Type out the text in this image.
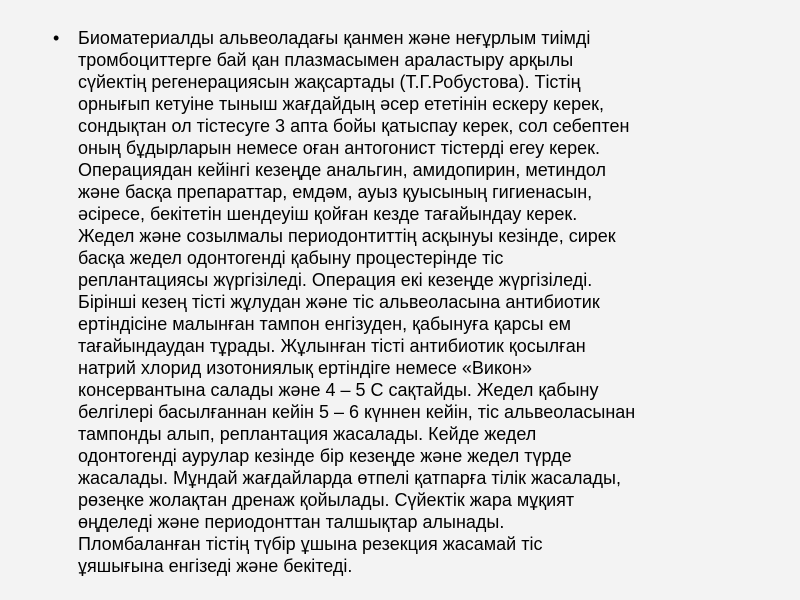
•	Биоматериалды альвеоладағы қанмен және неғұрлым тиімді
тромбоциттерге бай қан плазмасымен араластыру арқылы
сүйектің регенерациясын жақсартады (Т.Г.Робустова). Тістің
орнығып кетуіне тыныш жағдайдың әсер ететінін ескеру керек,
сондықтан ол тістесуге 3 апта бойы қатыспау керек, сол себептен
оның бұдырларын немесе оған антогонист тістерді егеу керек.
Операциядан кейінгі кезеңде анальгин, амидопирин, метиндол
және басқа препараттар, емдәм, ауыз қуысының гигиенасын,
әсіресе, бекітетін шендеуіш қойған кезде тағайындау керек.
Жедел және созылмалы периодонтиттің асқынуы кезінде, сирек
басқа жедел одонтогенді қабыну процестерінде тіс
реплантациясы жүргізіледі. Операция екі кезеңде жүргізіледі.
Бірінші кезең тісті жұлудан және тіс альвеоласына антибиотик
ертіндісіне малынған тампон енгізуден, қабынуға қарсы ем
тағайындаудан тұрады. Жұлынған тісті антибиотик қосылған
натрий хлорид изотониялық ертіндіге немесе «Викон»
консервантына салады және 4 – 5 С сақтайды. Жедел қабыну
белгілері басылғаннан кейін 5 – 6 күннен кейін, тіс альвеоласынан
тампонды алып, реплантация жасалады. Кейде жедел
одонтогенді аурулар кезінде бір кезеңде және жедел түрде
жасалады. Мұндай жағдайларда өтпелі қатпарға тілік жасалады,
рөзеңке жолақтан дренаж қойылады. Сүйектік жара мұқият
өңделеді және периодонттан талшықтар алынады.
Пломбаланған тістің түбір ұшына резекция жасамай тіс
ұяшығына енгізеді және бекітеді.
